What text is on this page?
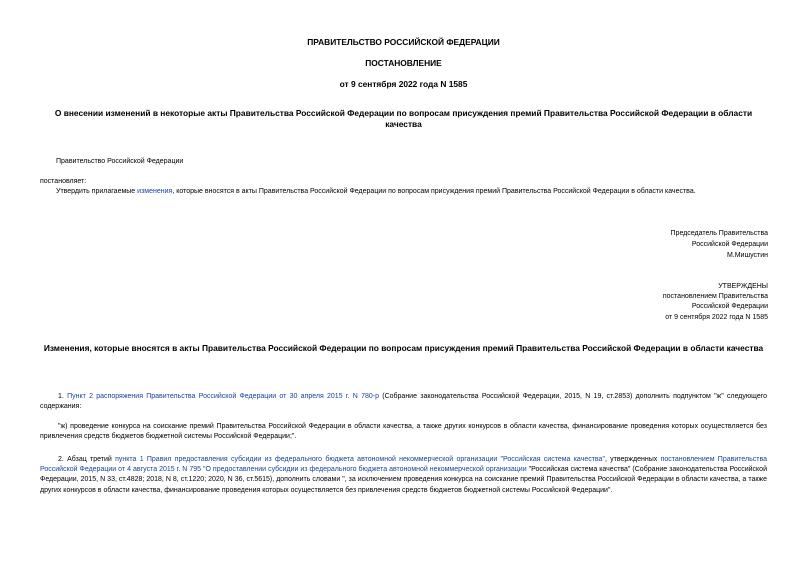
ПРАВИТЕЛЬСТВО РОССИЙСКОЙ ФЕДЕРАЦИИ
ПОСТАНОВЛЕНИЕ
от 9 сентября 2022 года N 1585
О внесении изменений в некоторые акты Правительства Российской Федерации по вопросам присуждения премий Правительства Российской Федерации в области качества
Правительство Российской Федерации
постановляет:
Утвердить прилагаемые изменения, которые вносятся в акты Правительства Российской Федерации по вопросам присуждения премий Правительства Российской Федерации в области качества.
Председатель Правительства
Российской Федерации
М.Мишустин
УТВЕРЖДЕНЫ
постановлением Правительства
Российской Федерации
от 9 сентября 2022 года N 1585
Изменения, которые вносятся в акты Правительства Российской Федерации по вопросам присуждения премий Правительства Российской Федерации в области качества
1. Пункт 2 распоряжения Правительства Российской Федерации от 30 апреля 2015 г. N 780-р (Собрание законодательства Российской Федерации, 2015, N 19, ст.2853) дополнить подпунктом "ж" следующего содержания:
"ж) проведение конкурса на соискание премий Правительства Российской Федерации в области качества, а также других конкурсов в области качества, финансирование проведения которых осуществляется без привлечения средств бюджетов бюджетной системы Российской Федерации;".
2. Абзац третий пункта 1 Правил предоставления субсидии из федерального бюджета автономной некоммерческой организации "Российская система качества", утвержденных постановлением Правительства Российской Федерации от 4 августа 2015 г. N 795 "О предоставлении субсидии из федерального бюджета автономной некоммерческой организации "Российская система качества" (Собрание законодательства Российской Федерации, 2015, N 33, ст.4828; 2018, N 8, ст.1220; 2020, N 36, ст.5615), дополнить словами ", за исключением проведения конкурса на соискание премий Правительства Российской Федерации в области качества, а также других конкурсов в области качества, финансирование проведения которых осуществляется без привлечения средств бюджетов бюджетной системы Российской Федерации".
